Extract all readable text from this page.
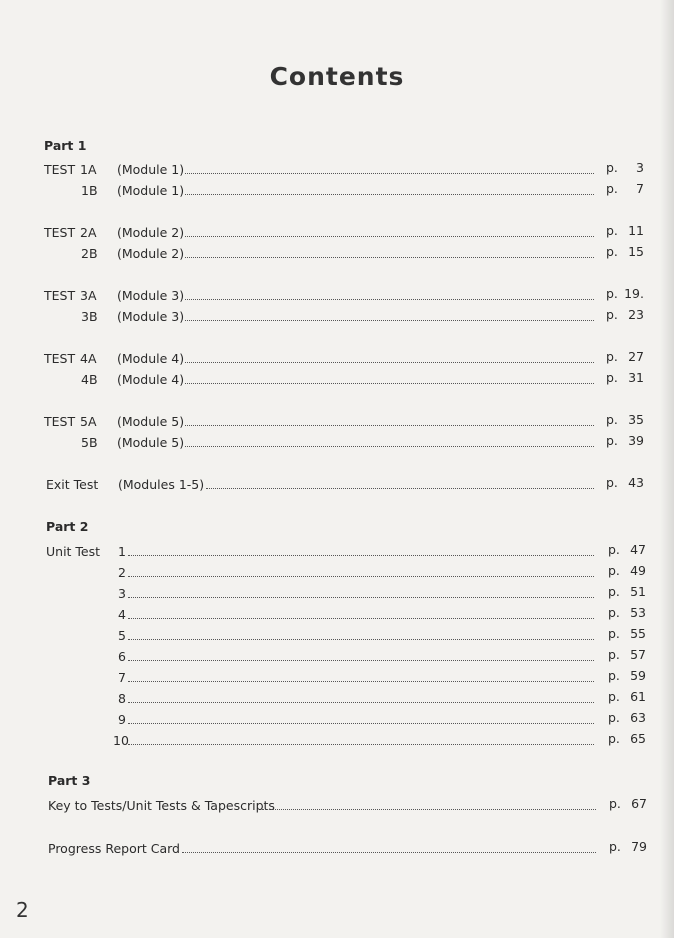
Contents
Part 1
TEST 1A (Module 1)	p. 3
1B (Module 1)	p. 7
TEST 2A (Module 2)	p. 11
2B (Module 2)	p. 15
TEST 3A (Module 3)	p. 19.
3B (Module 3)	p. 23
TEST 4A (Module 4)	p. 27
4B (Module 4)	p. 31
TEST 5A (Module 5)	p. 35
5B (Module 5)	p. 39
Exit Test (Modules 1-5)	p. 43
Part 2
Unit Test	1	p. 47
2	p. 49
3	p. 51
4	p. 53
5	p. 55
6	p. 57
7	p. 59
8	p. 61
9	p. 63
10	p. 65
Part 3
Key to Tests/Unit Tests & Tapescripts	p. 67
Progress Report Card	p. 79
2
